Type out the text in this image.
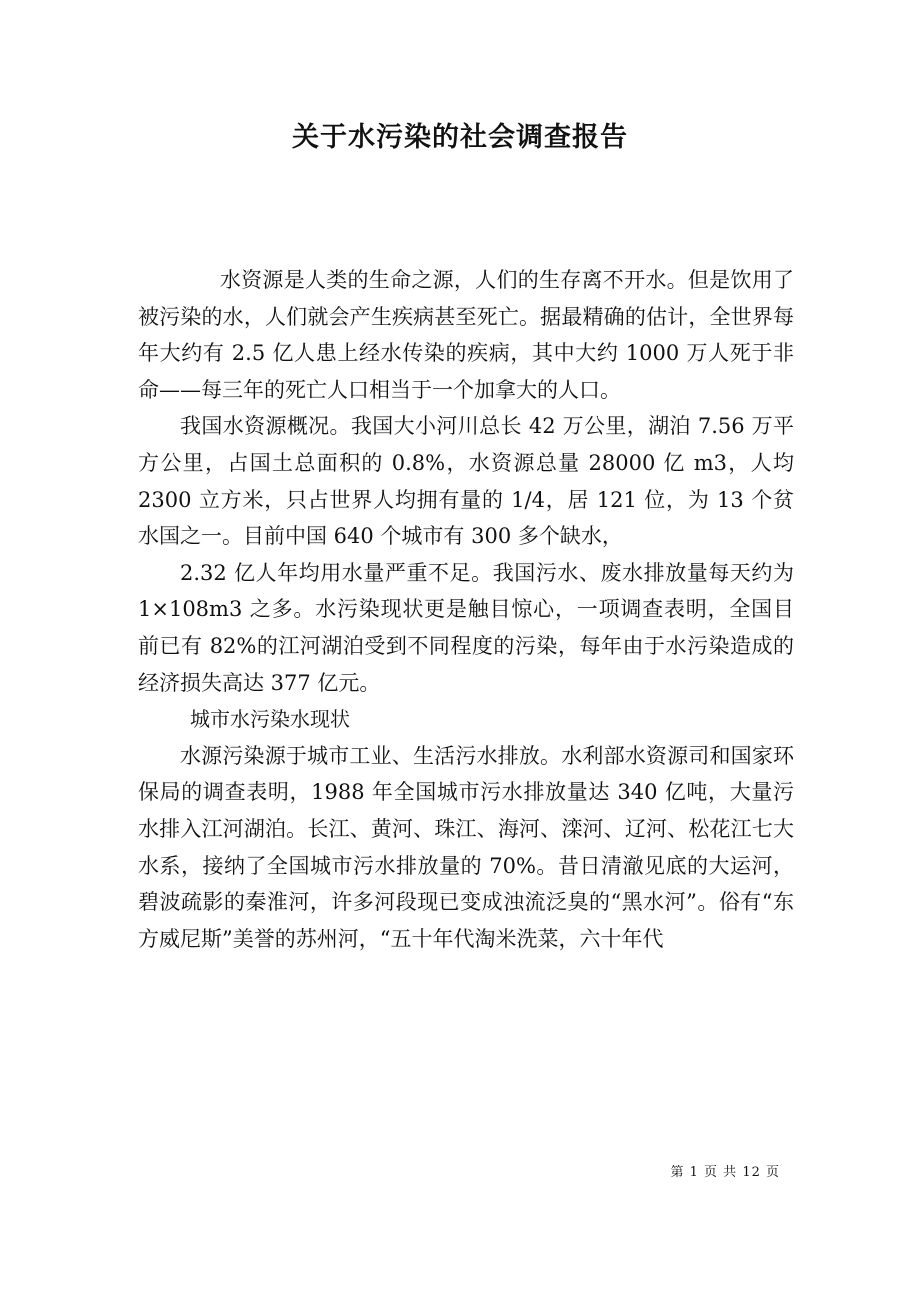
关于水污染的社会调查报告

水资源是人类的生命之源，人们的生存离不开水。但是饮用了被污染的水，人们就会产生疾病甚至死亡。据最精确的估计，全世界每年大约有 2.5 亿人患上经水传染的疾病，其中大约 1000 万人死于非命——每三年的死亡人口相当于一个加拿大的人口。

我国水资源概况。我国大小河川总长 42 万公里，湖泊 7.56 万平方公里，占国土总面积的 0.8%，水资源总量 28000 亿 m3，人均 2300 立方米，只占世界人均拥有量的 1/4，居 121 位，为 13 个贫水国之一。目前中国 640 个城市有 300 多个缺水，

2.32 亿人年均用水量严重不足。我国污水、废水排放量每天约为 1×108m3 之多。水污染现状更是触目惊心，一项调查表明，全国目前已有 82%的江河湖泊受到不同程度的污染，每年由于水污染造成的经济损失高达 377 亿元。

城市水污染水现状

水源污染源于城市工业、生活污水排放。水利部水资源司和国家环保局的调查表明，1988 年全国城市污水排放量达 340 亿吨，大量污水排入江河湖泊。长江、黄河、珠江、海河、滦河、辽河、松花江七大水系，接纳了全国城市污水排放量的 70%。昔日清澈见底的大运河，碧波疏影的秦淮河，许多河段现已变成浊流泛臭的“黑水河”。俗有“东方威尼斯”美誉的苏州河，“五十年代淘米洗菜，六十年代

第 1 页 共 12 页
